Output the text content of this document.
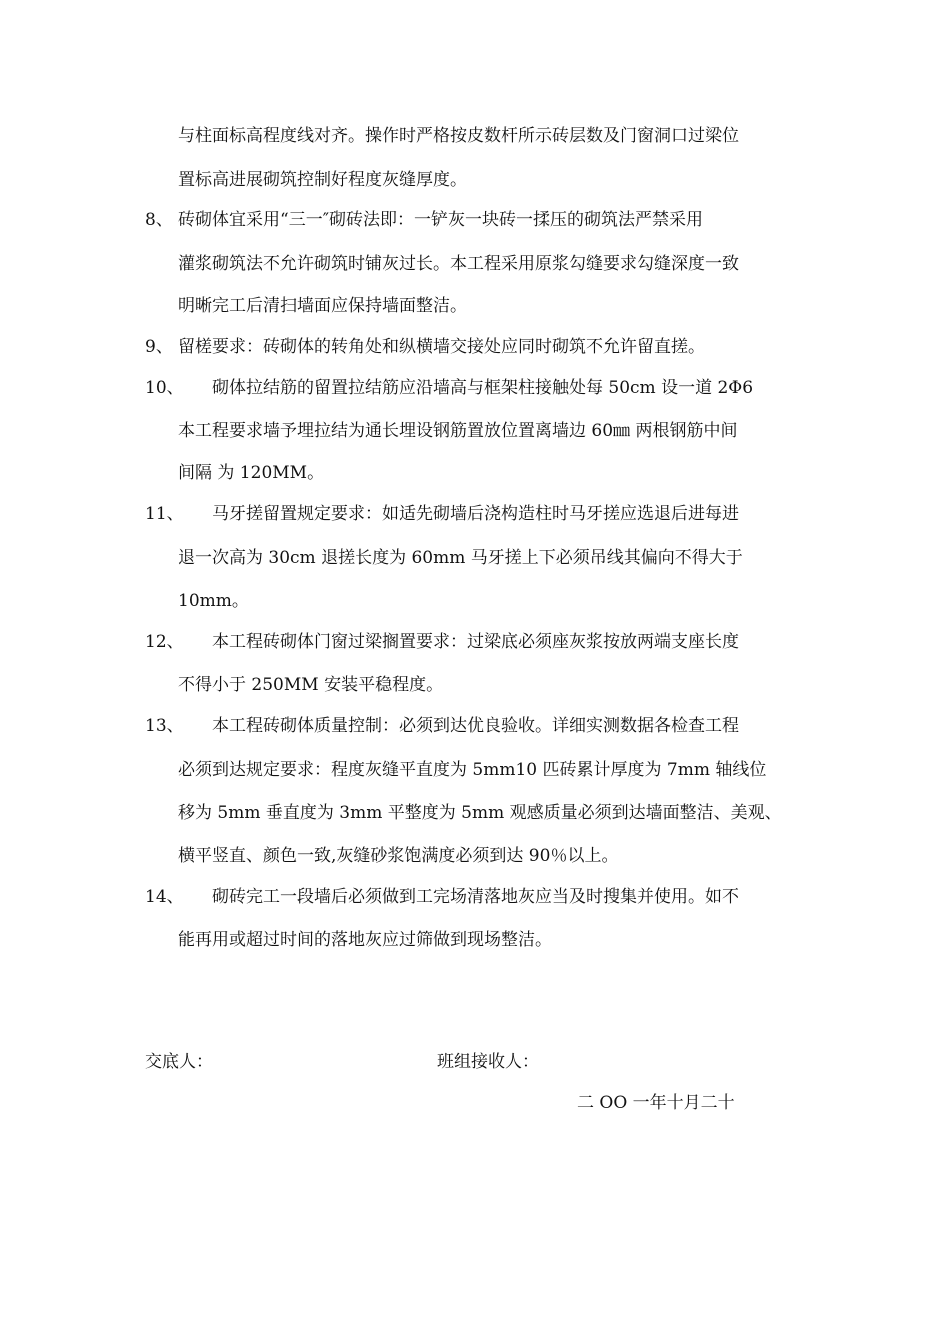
与柱面标高程度线对齐。操作时严格按皮数杆所示砖层数及门窗洞口过梁位
置标高进展砌筑控制好程度灰缝厚度。
8、 砖砌体宜采用“三一″砌砖法即：一铲灰一块砖一揉压的砌筑法严禁采用
灌浆砌筑法不允许砌筑时铺灰过长。本工程采用原浆勾缝要求勾缝深度一致
明晰完工后清扫墙面应保持墙面整洁。
9、 留槎要求：砖砌体的转角处和纵横墙交接处应同时砌筑不允许留直搓。
10、 砌体拉结筋的留置拉结筋应沿墙高与框架柱接触处每 50cm 设一道 2Φ6
本工程要求墙予埋拉结为通长埋设钢筋置放位置离墙边 60㎜ 两根钢筋中间
间隔 为 120MM。
11、 马牙搓留置规定要求：如适先砌墙后浇构造柱时马牙搓应选退后进每进
退一次高为 30cm 退搓长度为 60mm 马牙搓上下必须吊线其偏向不得大于
10mm。
12、 本工程砖砌体门窗过梁搁置要求：过梁底必须座灰浆按放两端支座长度
不得小于 250MM 安装平稳程度。
13、 本工程砖砌体质量控制：必须到达优良验收。详细实测数据各检查工程
必须到达规定要求：程度灰缝平直度为 5mm10 匹砖累计厚度为 7mm 轴线位
移为 5mm 垂直度为 3mm 平整度为 5mm 观感质量必须到达墙面整洁、美观、
横平竖直、颜色一致,灰缝砂浆饱满度必须到达 90％以上。
14、 砌砖完工一段墙后必须做到工完场清落地灰应当及时搜集并使用。如不
能再用或超过时间的落地灰应过筛做到现场整洁。
交底人：	班组接收人：
二 OO 一年十月二十
